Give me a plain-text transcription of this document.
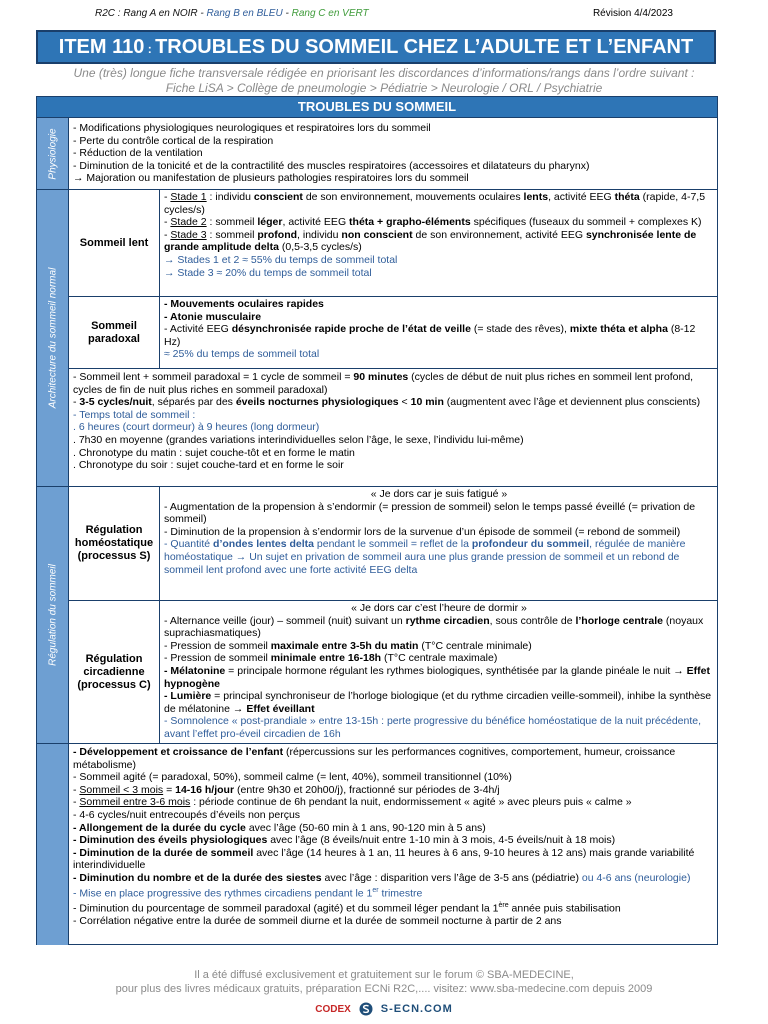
R2C : Rang A en NOIR - Rang B en BLEU - Rang C en VERT	Révision 4/4/2023
ITEM 110 : TROUBLES DU SOMMEIL CHEZ L’ADULTE ET L’ENFANT
Une (très) longue fiche transversale rédigée en priorisant les discordances d’informations/rangs dans l’ordre suivant :
Fiche LiSA > Collège de pneumologie > Pédiatrie > Neurologie / ORL / Psychiatrie
TROUBLES DU SOMMEIL
Physiologie - Modifications physiologiques neurologiques et respiratoires lors du sommeil

- Perte du contrôle cortical de la respiration

- Réduction de la ventilation

- Diminution de la tonicité et de la contractilité des muscles respiratoires (accessoires et dilatateurs du pharynx)

→ Majoration ou manifestation de plusieurs pathologies respiratoires lors du sommeil

Architecture du sommeil normal
Sommeil lent

- Stade 1 : individu conscient de son environnement, mouvements oculaires lents, activité EEG théta (rapide, 4-7,5 cycles/s)

- Stade 2 : sommeil léger, activité EEG théta + grapho-éléments spécifiques (fuseaux du sommeil + complexes K)

- Stade 3 : sommeil profond, individu non conscient de son environnement, activité EEG synchronisée lente de grande amplitude delta (0,5-3,5 cycles/s)

→ Stades 1 et 2 ≈ 55% du temps de sommeil total

→ Stade 3 ≈ 20% du temps de sommeil total

Sommeil paradoxal

- Mouvements oculaires rapides

- Atonie musculaire

- Activité EEG désynchronisée rapide proche de l’état de veille (= stade des rêves), mixte théta et alpha (8-12 Hz)

≈ 25% du temps de sommeil total

- Sommeil lent + sommeil paradoxal = 1 cycle de sommeil = 90 minutes (cycles de début de nuit plus riches en sommeil lent profond, cycles de fin de nuit plus riches en sommeil paradoxal)

- 3-5 cycles/nuit, séparés par des éveils nocturnes physiologiques < 10 min (augmentent avec l’âge et deviennent plus conscients)

- Temps total de sommeil :

. 6 heures (court dormeur) à 9 heures (long dormeur)

. 7h30 en moyenne (grandes variations interindividuelles selon l’âge, le sexe, l’individu lui-même)

. Chronotype du matin : sujet couche-tôt et en forme le matin

. Chronotype du soir : sujet couche-tard et en forme le soir

Régulation du sommeil
Régulation homéostatique (processus S)

« Je dors car je suis fatigué »

- Augmentation de la propension à s’endormir (= pression de sommeil) selon le temps passé éveillé (= privation de sommeil)

- Diminution de la propension à s’endormir lors de la survenue d’un épisode de sommeil (= rebond de sommeil)

- Quantité d’ondes lentes delta pendant le sommeil = reflet de la profondeur du sommeil, régulée de manière homéostatique → Un sujet en privation de sommeil aura une plus grande pression de sommeil et un rebond de sommeil lent profond avec une forte activité EEG delta

Régulation circadienne (processus C)

« Je dors car c’est l’heure de dormir »

- Alternance veille (jour) – sommeil (nuit) suivant un rythme circadien, sous contrôle de l’horloge centrale (noyaux suprachiasmatiques)

- Pression de sommeil maximale entre 3-5h du matin (T°C centrale minimale)

- Pression de sommeil minimale entre 16-18h (T°C centrale maximale)

- Mélatonine = principale hormone régulant les rythmes biologiques, synthétisée par la glande pinéale le nuit → Effet hypnogène

- Lumière = principal synchroniseur de l’horloge biologique (et du rythme circadien veille-sommeil), inhibe la synthèse de mélatonine → Effet éveillant

- Somnolence « post-prandiale » entre 13-15h : perte progressive du bénéfice homéostatique de la nuit précédente, avant l’effet pro-éveil circadien de 16h

- Développement et croissance de l’enfant (répercussions sur les performances cognitives, comportement, humeur, croissance métabolisme)

- Sommeil agité (= paradoxal, 50%), sommeil calme (= lent, 40%), sommeil transitionnel (10%)

- Sommeil < 3 mois = 14-16 h/jour (entre 9h30 et 20h00/j), fractionné sur périodes de 3-4h/j

- Sommeil entre 3-6 mois : période continue de 6h pendant la nuit, endormissement « agité » avec pleurs puis « calme »

- 4-6 cycles/nuit entrecoupés d’éveils non perçus

- Allongement de la durée du cycle avec l’âge (50-60 min à 1 ans, 90-120 min à 5 ans)

- Diminution des éveils physiologiques avec l’âge (8 éveils/nuit entre 1-10 min à 3 mois, 4-5 éveils/nuit à 18 mois)

- Diminution de la durée de sommeil avec l’âge (14 heures à 1 an, 11 heures à 6 ans, 9-10 heures à 12 ans) mais grande variabilité interindividuelle

- Diminution du nombre et de la durée des siestes avec l’âge : disparition vers l’âge de 3-5 ans (pédiatrie) ou 4-6 ans (neurologie)

- Mise en place progressive des rythmes circadiens pendant le 1er trimestre

- Diminution du pourcentage de sommeil paradoxal (agité) et du sommeil léger pendant la 1ère année puis stabilisation

- Corrélation négative entre la durée de sommeil diurne et la durée de sommeil nocturne à partir de 2 ans

Il a été diffusé exclusivement et gratuitement sur le forum © SBA-MEDECINE,
pour plus des livres médicaux gratuits, préparation ECNi R2C,.... visitez: www.sba-medecine.com depuis 2009
CODEX	S-ECN.COM
